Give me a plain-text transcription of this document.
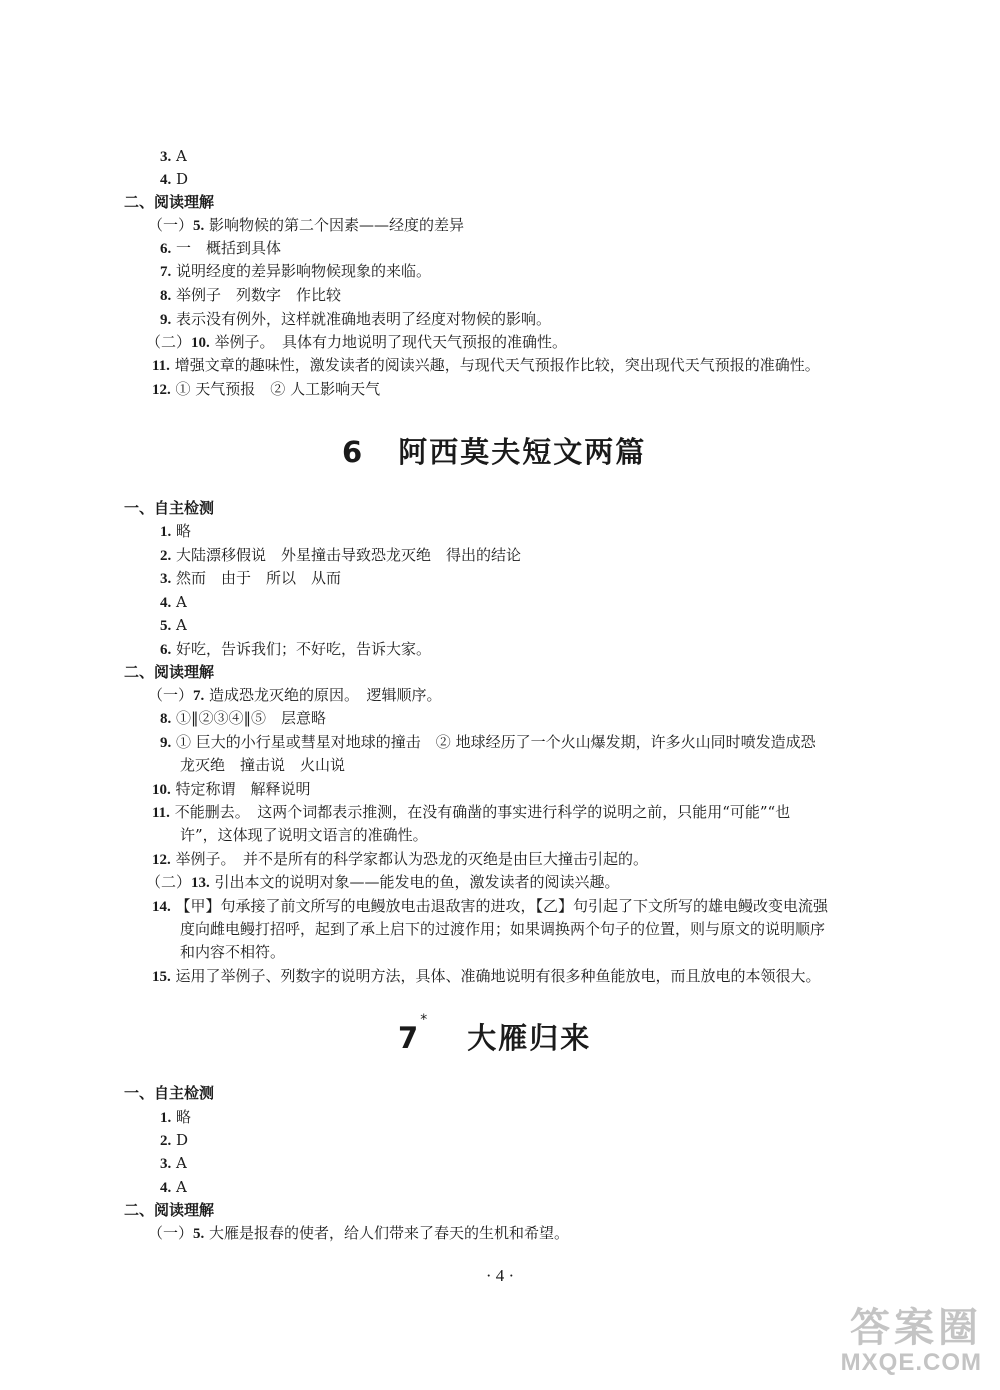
3. A
4. D
二、阅读理解
（一）5. 影响物候的第二个因素——经度的差异
6. 一　概括到具体
7. 说明经度的差异影响物候现象的来临。
8. 举例子　列数字　作比较
9. 表示没有例外，这样就准确地表明了经度对物候的影响。
（二）10. 举例子。　具体有力地说明了现代天气预报的准确性。
11. 增强文章的趣味性，激发读者的阅读兴趣，与现代天气预报作比较，突出现代天气预报的准确性。
12. ① 天气预报　② 人工影响天气
6 阿西莫夫短文两篇
一、自主检测
1. 略
2. 大陆漂移假说　外星撞击导致恐龙灭绝　得出的结论
3. 然而　由于　所以　从而
4. A
5. A
6. 好吃，告诉我们；不好吃，告诉大家。
二、阅读理解
（一）7. 造成恐龙灭绝的原因。　逻辑顺序。
8. ①‖②③④‖⑤　层意略
9. ① 巨大的小行星或彗星对地球的撞击　② 地球经历了一个火山爆发期，许多火山同时喷发造成恐
龙灭绝　撞击说　火山说
10. 特定称谓　解释说明
11. 不能删去。　这两个词都表示推测，在没有确凿的事实进行科学的说明之前，只能用“可能”“也
许”，这体现了说明文语言的准确性。
12. 举例子。　并不是所有的科学家都认为恐龙的灭绝是由巨大撞击引起的。
（二）13. 引出本文的说明对象——能发电的鱼，激发读者的阅读兴趣。
14. 【甲】句承接了前文所写的电鳗放电击退敌害的进攻，【乙】句引起了下文所写的雄电鳗改变电流强
度向雌电鳗打招呼，起到了承上启下的过渡作用；如果调换两个句子的位置，则与原文的说明顺序
和内容不相符。
15. 运用了举例子、列数字的说明方法，具体、准确地说明有很多种鱼能放电，而且放电的本领很大。
7*大雁归来
一、自主检测
1. 略
2. D
3. A
4. A
二、阅读理解
（一）5. 大雁是报春的使者，给人们带来了春天的生机和希望。
· 4 ·
答案圈
MXQE.COM
